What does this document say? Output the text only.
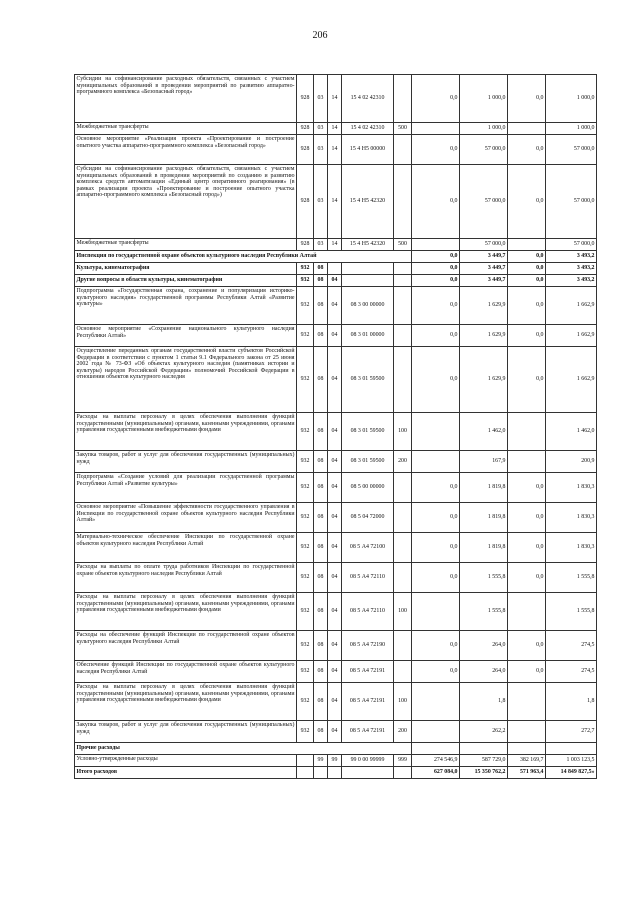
206
Субсидии на софинансирование расходных обязательств, связанных с участием муниципальных образований в проведении мероприятий по развитию аппаратно-программного комплекса «Безопасный город»	928	03	14	15 4 02 42310		0,0	1 000,0	0,0	1 000,0
Межбюджетные трансферты	928	03	14	15 4 02 42310	500		1 000,0		1 000,0
Основное мероприятие «Реализация проекта «Проектирование и построение опытного участка аппаратно-программного комплекса «Безопасный город»	928	03	14	15 4 Н5 00000		0,0	57 000,0	0,0	57 000,0
Субсидии на софинансирование расходных обязательств, связанных с участием муниципальных образований в проведении мероприятий по созданию и развитию комплекса средств автоматизации «Единый центр оперативного реагирования» (в рамках реализации проекта «Проектирование и построение опытного участка аппаратно-программного комплекса «Безопасный город»)	928	03	14	15 4 Н5 42320		0,0	57 000,0	0,0	57 000,0
Межбюджетные трансферты	928	03	14	15 4 Н5 42320	500		57 000,0		57 000,0
Инспекция по государственной охране объектов культурного наследия Республики Алтай						0,0	3 449,7	0,0	3 493,2
Культура, кинематография	932	08				0,0	3 449,7	0,0	3 493,2
Другие вопросы в области культуры, кинематографии	932	08	04			0,0	3 449,7	0,0	3 493,2
Подпрограмма «Государственная охрана, сохранение и популяризация историко-культурного наследия» государственной программы Республики Алтай «Развитие культуры»	932	08	04	08 3 00 00000		0,0	1 629,9	0,0	1 662,9
Основное мероприятие «Сохранение национального культурного наследия Республики Алтай»	932	08	04	08 3 01 00000		0,0	1 629,9	0,0	1 662,9
Осуществление переданных органам государственной власти субъектов Российской Федерации в соответствии с пунктом 1 статьи 9.1 Федерального закона от 25 июня 2002 года № 73-ФЗ «Об объектах культурного наследия (памятниках истории и культуры) народов Российской Федерации» полномочий Российской Федерации в отношении объектов культурного наследия	932	08	04	08 3 01 59500		0,0	1 629,9	0,0	1 662,9
Расходы на выплаты персоналу в целях обеспечения выполнения функций государственными (муниципальными) органами, казенными учреждениями, органами управления государственными внебюджетными фондами	932	08	04	08 3 01 59500	100		1 462,0		1 462,0
Закупка товаров, работ и услуг для обеспечения государственных (муниципальных) нужд	932	08	04	08 3 01 59500	200		167,9		200,9
Подпрограмма «Создание условий для реализации государственной программы Республики Алтай «Развитие культуры»	932	08	04	08 5 00 00000		0,0	1 819,8	0,0	1 830,3
Основное мероприятие «Повышение эффективности государственного управления в Инспекции по государственной охране объектов культурного наследия Республики Алтай»	932	08	04	08 5 04 72000		0,0	1 819,8	0,0	1 830,3
Материально-техническое обеспечение Инспекции по государственной охране объектов культурного наследия Республики Алтай	932	08	04	08 5 А4 72100		0,0	1 819,8	0,0	1 830,3
Расходы на выплаты по оплате труда работников Инспекции по государственной охране объектов культурного наследия Республики Алтай	932	08	04	08 5 А4 72110		0,0	1 555,8	0,0	1 555,8
Расходы на выплаты персоналу в целях обеспечения выполнения функций государственными (муниципальными) органами, казенными учреждениями, органами управления государственными внебюджетными фондами	932	08	04	08 5 А4 72110	100		1 555,8		1 555,8
Расходы на обеспечение функций Инспекции по государственной охране объектов культурного наследия Республики Алтай	932	08	04	08 5 А4 72190		0,0	264,0	0,0	274,5
Обеспечение функций Инспекции по государственной охране объектов культурного наследия Республики Алтай	932	08	04	08 5 А4 72191		0,0	264,0	0,0	274,5
Расходы на выплаты персоналу в целях обеспечения выполнения функций государственными (муниципальными) органами, казенными учреждениями, органами управления государственными внебюджетными фондами	932	08	04	08 5 А4 72191	100		1,8		1,8
Закупка товаров, работ и услуг для обеспечения государственных (муниципальных) нужд	932	08	04	08 5 А4 72191	200		262,2		272,7
Прочие расходы									
Условно-утвержденные расходы		99	99	99 0 00 99999	999	274 546,9	587 729,0	382 169,7	1 003 123,5
Итого расходов						627 084,0	15 350 762,2	571 963,4	14 849 827,5»
